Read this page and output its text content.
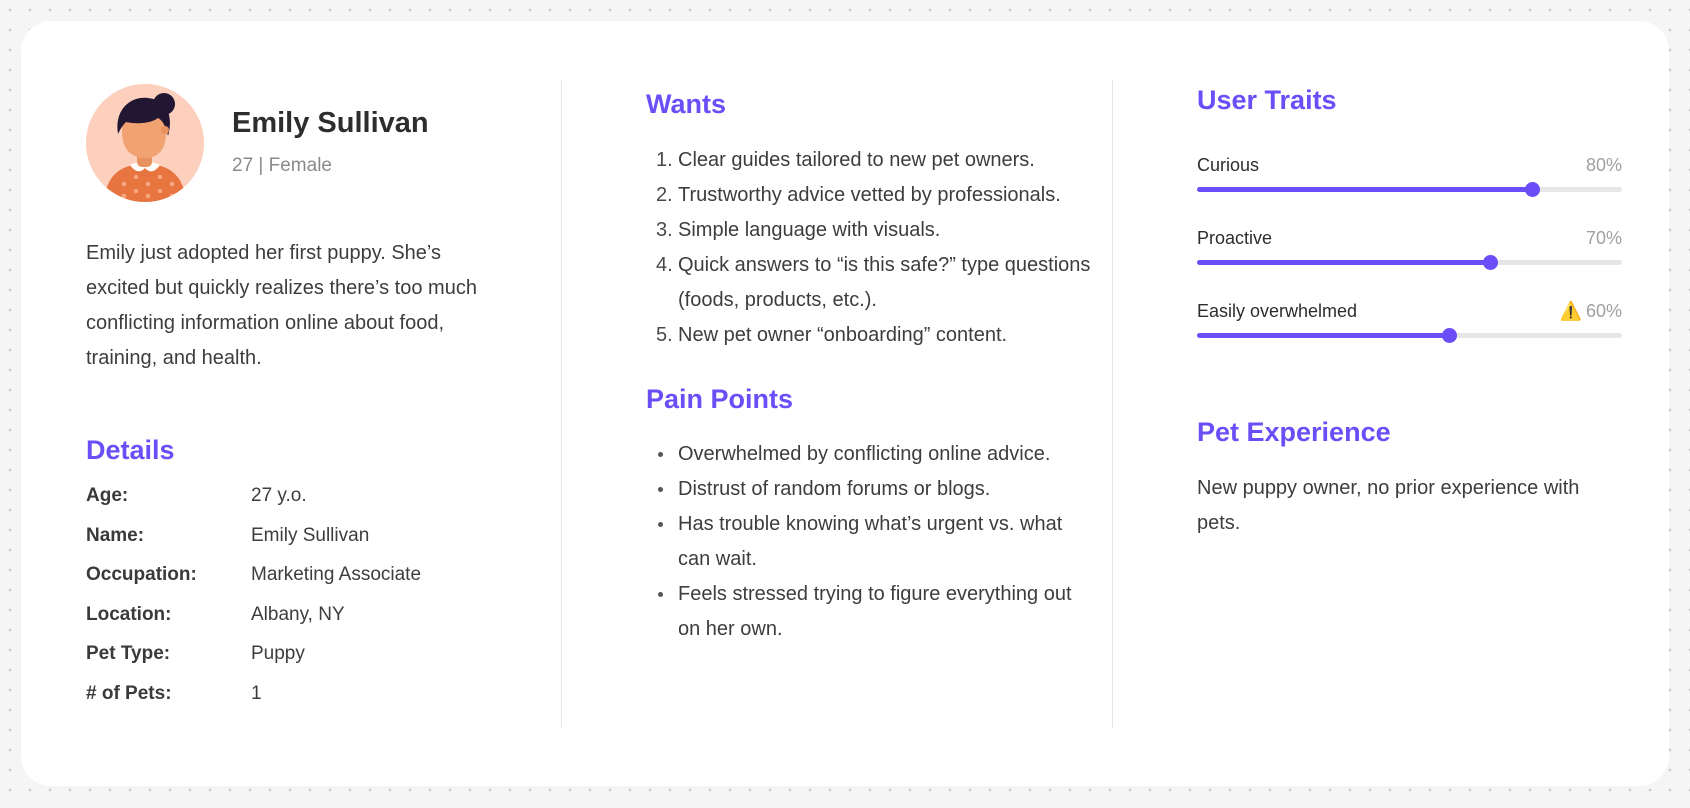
Emily Sullivan
27 | Female

Emily just adopted her first puppy. She’s excited but quickly realizes there’s too much conflicting information online about food, training, and health.

Details
Age:	27 y.o.
Name:	Emily Sullivan
Occupation:	Marketing Associate
Location:	Albany, NY
Pet Type:	Puppy
# of Pets:	1
Wants
1. Clear guides tailored to new pet owners.
2. Trustworthy advice vetted by professionals.
3. Simple language with visuals.
4. Quick answers to “is this safe?” type questions (foods, products, etc.).
5. New pet owner “onboarding” content.
Pain Points
Overwhelmed by conflicting online advice.
Distrust of random forums or blogs.
Has trouble knowing what’s urgent vs. what can wait.
Feels stressed trying to figure everything out on her own.
User Traits
Curious	80%
Proactive	70%
Easily overwhelmed	⚠️ 60%
Pet Experience

New puppy owner, no prior experience with pets.
